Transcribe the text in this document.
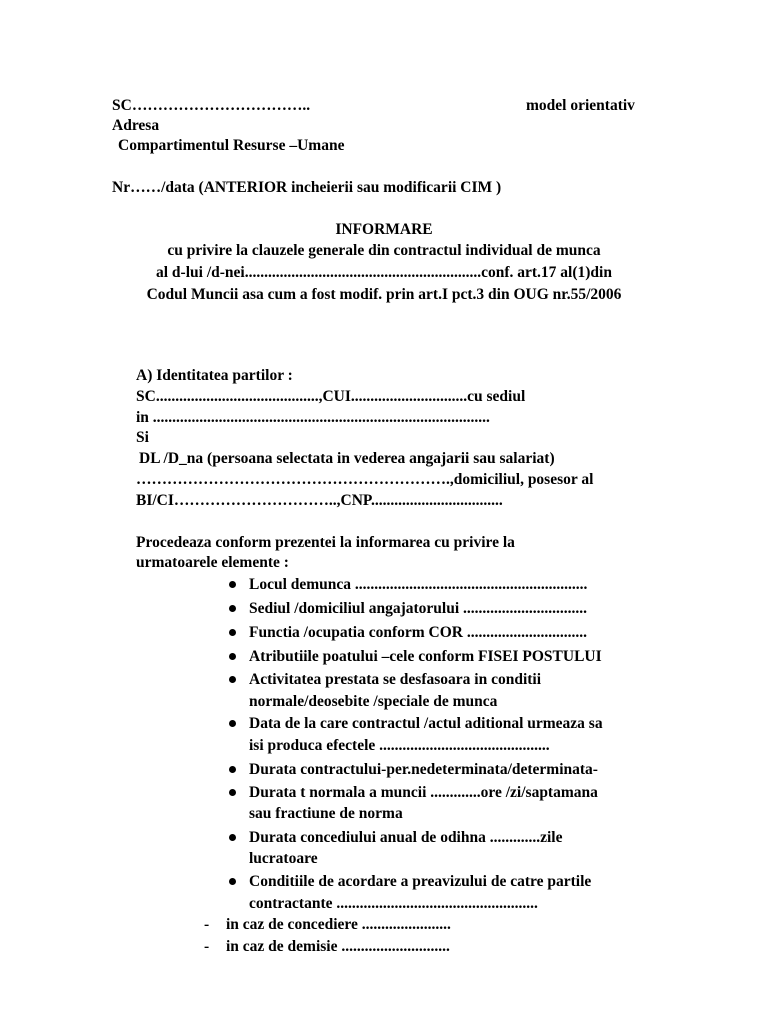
SC……………………………..	model orientativ
Adresa
Compartimentul Resurse –Umane
Nr……/data (ANTERIOR incheierii sau modificarii CIM )
INFORMARE
cu privire la clauzele generale din contractul individual de munca
al d-lui /d-nei.............................................................conf. art.17 al(1)din
Codul Muncii asa cum a fost modif. prin art.I pct.3 din OUG nr.55/2006
A) Identitatea partilor :
SC..........................................,CUI..............................cu sediul
in .......................................................................................
Si
DL /D_na (persoana selectata in vederea angajarii sau salariat)
…………………………………………………….,domiciliul, posesor al
BI/CI…………………………..,CNP..................................
Procedeaza conform prezentei la informarea cu privire la
urmatoarele elemente :
Locul demunca ............................................................
Sediul /domiciliul angajatorului ................................
Functia /ocupatia conform COR ...............................
Atributiile poatului –cele conform FISEI POSTULUI
Activitatea prestata se desfasoara in conditii
normale/deosebite /speciale de munca
Data de la care contractul /actul aditional urmeaza sa
isi produca efectele ............................................
Durata contractului-per.nedeterminata/determinata-
Durata t normala a muncii .............ore /zi/saptamana
sau fractiune de norma
Durata concediului anual de odihna .............zile
lucratoare
Conditiile de acordare a preavizului de catre partile
contractante ....................................................
- in caz de concediere .......................
- in caz de demisie ............................
